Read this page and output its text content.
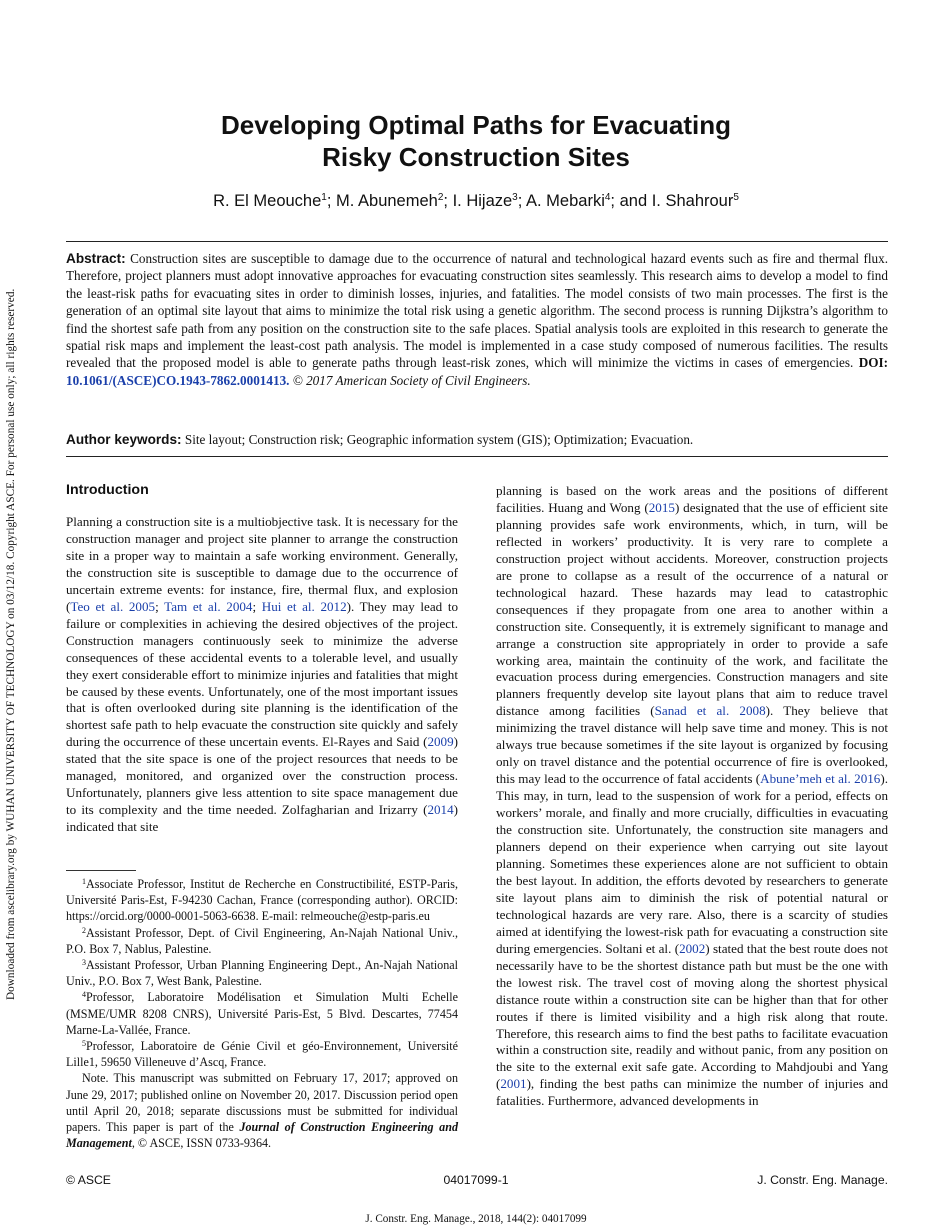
Downloaded from ascelibrary.org by WUHAN UNIVERSITY OF TECHNOLOGY on 03/12/18. Copyright ASCE. For personal use only; all rights reserved.
Developing Optimal Paths for Evacuating
Risky Construction Sites
R. El Meouche$^1$; M. Abunemeh$^2$; I. Hijaze$^3$; A. Mebarki$^4$; and I. Shahrour$^5$

Abstract: Construction sites are susceptible to damage due to the occurrence of natural and technological hazard events such as fire and thermal flux. Therefore, project planners must adopt innovative approaches for evacuating construction sites seamlessly. This research aims to develop a model to find the least-risk paths for evacuating sites in order to diminish losses, injuries, and fatalities. The model consists of two main processes. The first is the generation of an optimal site layout that aims to minimize the total risk using a genetic algorithm. The second process is running Dijkstra’s algorithm to find the shortest safe path from any position on the construction site to the safe places. Spatial analysis tools are exploited in this research to generate the spatial risk maps and implement the least-cost path analysis. The model is implemented in a case study composed of numerous facilities. The results revealed that the proposed model is able to generate paths through least-risk zones, which will minimize the victims in cases of emergencies. DOI: 10.1061/(ASCE)CO.1943-7862.0001413. © 2017 American Society of Civil Engineers.

Author keywords: Site layout; Construction risk; Geographic information system (GIS); Optimization; Evacuation.

Introduction

Planning a construction site is a multiobjective task. It is necessary for the construction manager and project site planner to arrange the construction site in a proper way to maintain a safe working environment. Generally, the construction site is susceptible to damage due to the occurrence of uncertain extreme events: for instance, fire, thermal flux, and explosion (Teo et al. 2005; Tam et al. 2004; Hui et al. 2012). They may lead to failure or complexities in achieving the desired objectives of the project. Construction managers continuously seek to minimize the adverse consequences of these accidental events to a tolerable level, and usually they exert considerable effort to minimize injuries and fatalities that might be caused by these events. Unfortunately, one of the most important issues that is often overlooked during site planning is the identification of the shortest safe path to help evacuate the construction site quickly and safely during the occurrence of these uncertain events. El-Rayes and Said (2009) stated that the site space is one of the project resources that needs to be managed, monitored, and organized over the construction process. Unfortunately, planners give less attention to site space management due to its complexity and the time needed. Zolfagharian and Irizarry (2014) indicated that site

$^1$Associate Professor, Institut de Recherche en Constructibilité, ESTP-Paris, Université Paris-Est, F-94230 Cachan, France (corresponding author). ORCID: https://orcid.org/0000-0001-5063-6638. E-mail: relmeouche@estp-paris.eu

$^2$Assistant Professor, Dept. of Civil Engineering, An-Najah National Univ., P.O. Box 7, Nablus, Palestine.

$^3$Assistant Professor, Urban Planning Engineering Dept., An-Najah National Univ., P.O. Box 7, West Bank, Palestine.

$^4$Professor, Laboratoire Modélisation et Simulation Multi Echelle (MSME/UMR 8208 CNRS), Université Paris-Est, 5 Blvd. Descartes, 77454 Marne-La-Vallée, France.

$^5$Professor, Laboratoire de Génie Civil et géo-Environnement, Université Lille1, 59650 Villeneuve d’Ascq, France.

Note. This manuscript was submitted on February 17, 2017; approved on June 29, 2017; published online on November 20, 2017. Discussion period open until April 20, 2018; separate discussions must be submitted for individual papers. This paper is part of the Journal of Construction Engineering and Management, © ASCE, ISSN 0733-9364.

planning is based on the work areas and the positions of different facilities. Huang and Wong (2015) designated that the use of efficient site planning provides safe work environments, which, in turn, will be reflected in workers’ productivity. It is very rare to complete a construction project without accidents. Moreover, construction projects are prone to collapse as a result of the occurrence of a natural or technological hazard. These hazards may lead to catastrophic consequences if they propagate from one area to another within a construction site. Consequently, it is extremely significant to manage and arrange a construction site appropriately in order to provide a safe working area, maintain the continuity of the work, and facilitate the evacuation process during emergencies. Construction managers and site planners frequently develop site layout plans that aim to reduce travel distance among facilities (Sanad et al. 2008). They believe that minimizing the travel distance will help save time and money. This is not always true because sometimes if the site layout is organized by focusing only on travel distance and the potential occurrence of fire is overlooked, this may lead to the occurrence of fatal accidents (Abune’meh et al. 2016). This may, in turn, lead to the suspension of work for a period, effects on workers’ morale, and finally and more crucially, difficulties in evacuating the construction site. Unfortunately, the construction site managers and planners depend on their experience when carrying out site layout planning. Sometimes these experiences alone are not sufficient to obtain the best layout. In addition, the efforts devoted by researchers to generate site layout plans aim to diminish the risk of potential natural or technological hazards are very rare. Also, there is a scarcity of studies aimed at identifying the lowest-risk path for evacuating a construction site during emergencies. Soltani et al. (2002) stated that the best route does not necessarily have to be the shortest distance path but must be the one with the lowest risk. The travel cost of moving along the shortest physical distance route within a construction site can be higher than that for other routes if there is limited visibility and a high risk along that route. Therefore, this research aims to find the best paths to facilitate evacuation within a construction site, readily and without panic, from any position on the site to the external exit safe gate. According to Mahdjoubi and Yang (2001), finding the best paths can minimize the number of injuries and fatalities. Furthermore, advanced developments in

© ASCE	04017099-1	J. Constr. Eng. Manage.
J. Constr. Eng. Manage., 2018, 144(2): 04017099
